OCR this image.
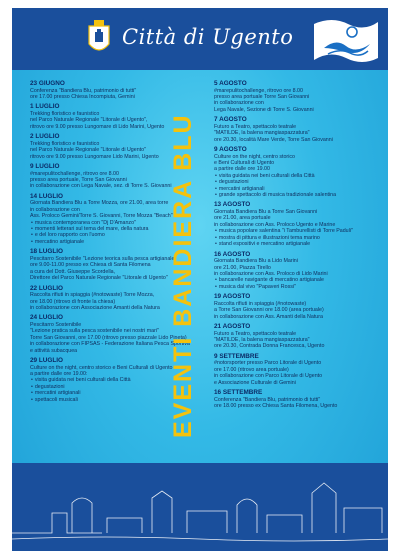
Città di Ugento
23 GIUGNO
Conferenza "Bandiera Blu, patrimonio di tutti"
ore 17.00 presso Chiesa Incompiuta, Gemini
1 LUGLIO
Trekking floristico e faunistico
nel Parco Naturale Regionale "Litorale di Ugento",
ritrovo ore 9.00 presso Lungomare di Lido Marini, Ugento
2 LUGLIO
Trekking floristico e faunistico
nel Parco Naturale Regionale "Litorale di Ugento"
ritrovo ore 9.00 presso Lungomare Lido Marini, Ugento
9 LUGLIO
#marepulitochallenge, ritrovo ore 8.00
presso area portuale, Torre San Giovanni
in collaborazione con Lega Navale, sez. di Torre S. Giovanni
14 LUGLIO
Giornata Bandiera Blu a Torre Mozza, ore 21.00, area torre
in collaborazione con
Ass. Proloco Gemini/Torre S. Giovanni, Torre Mozza "Beach"
• musica contemporanea con "Dj D'Amanzo"
• momenti letterari sul tema del mare, della natura
• e del loro rapporto con l'uomo
• mercatino artigianale
18 LUGLIO
Pescitarro Sostenibile "Lezione teorica sulla pesca artigianale"
ore 9.00-11.00 presso ex Chiesa di Santa Filomena
a cura del Dott. Giuseppe Scordella,
Direttore del Parco Naturale Regionale "Litorale di Ugento"
22 LUGLIO
Raccolta rifiuti in spiaggia (#notowaste) Torre Mozza,
ore 18.00 (ritrovo di fronte la chiesa)
in collaborazione con Associazione Amanti della Natura
24 LUGLIO
Pescitarro Sostenibile
"Lezione pratica sulla pesca sostenibile nei nostri mari"
Torre San Giovanni, ore 17.00 (ritrovo presso piazzale Lido Pineta)
in collaborazione con FIPSAS - Federazione Italiana Pesca Sportiva
e attività subacquea
29 LUGLIO
Culture on the night, centro storico e Beni Culturali di Ugento
a partire dalle ore 19.00:
• visita guidata nei beni culturali della Città
• degustazioni
• mercatini artigianali
• spettacoli musicali
5 AGOSTO
#marepulitochallenge, ritrovo ore 8.00
presso area portuale Torre San Giovanni
in collaborazione con
Lega Navale, Sezione di Torre S. Giovanni
7 AGOSTO
Futuro a Teatro, spettacolo teatrale
"MATILDE, la balena mangiaspazzatura"
ore 20.30, località Mare Verde, Torre San Giovanni
9 AGOSTO
Culture on the night, centro storico
e Beni Culturali di Ugento
a partire dalle ore 19.00
• visita guidata nei beni culturali della Città
• degustazioni
• mercatini artigianali
• grande spettacolo di musica tradizionale salentina
13 AGOSTO
Giornata Bandiera Blu a Torre San Giovanni
ore 21.00, area portuale
in collaborazione con Ass. Proloco Ugento e Marine
• musica popolare salentina "i Tamburellisti di Torre Paduli"
• mostra di pittura e illustrazioni tema marino
• stand espositivi e mercatino artigianale
16 AGOSTO
Giornata Bandiera Blu a Lido Marini
ore 21.00, Piazza Tirello
in collaborazione con Ass. Proloco di Lido Marini
• bancarelle navigante di mercatino artigianale
• musica dal vivo "Papaveri Rossi"
19 AGOSTO
Raccolta rifiuti in spiaggia (#notowaste)
a Torre San Giovanni ore 18.00 (area portuale)
in collaborazione con Ass. Amanti della Natura
21 AGOSTO
Futuro a Teatro, spettacolo teatrale
"MATILDE, la balena mangiaspazzatura"
ore 20.30, Contrada Donna Francesca, Ugento
9 SETTEMBRE
#notorsporter presso Parco Litorale di Ugento
ore 17.00 (ritrovo area portuale)
in collaborazione con Parco Litorale di Ugento
e Associazione Culturale di Gemini
16 SETTEMBRE
Conferenza "Bandiera Blu, patrimonio di tutti"
ore 18.00 presso ex Chiesa Santa Filomena, Ugento
EVENTI BANDIERA BLU
20
